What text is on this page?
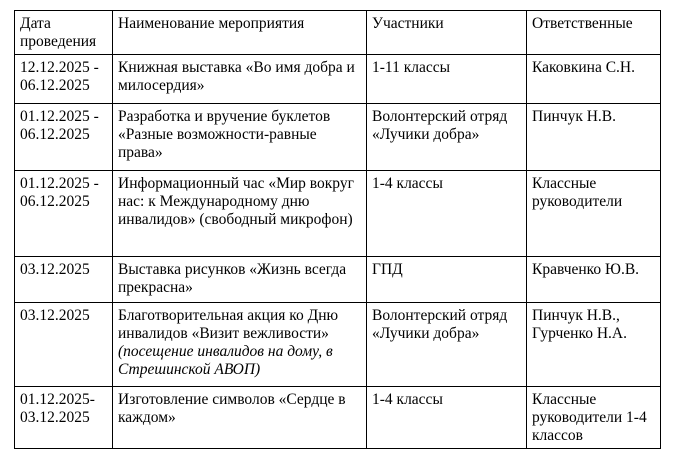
Дата проведения	Наименование мероприятия	Участники	Ответственные
12.12.2025 - 06.12.2025	Книжная выставка «Во имя добра и милосердия»	1-11 классы	Каковкина С.Н.
01.12.2025 - 06.12.2025	Разработка и вручение буклетов «Разные возможности-равные права»	Волонтерский отряд «Лучики добра»	Пинчук Н.В.
01.12.2025 - 06.12.2025	Информационный час «Мир вокруг нас: к Международному дню инвалидов» (свободный микрофон)	1-4 классы	Классные руководители
03.12.2025	Выставка рисунков «Жизнь всегда прекрасна»	ГПД	Кравченко Ю.В.
03.12.2025	Благотворительная акция ко Дню инвалидов «Визит вежливости» (посещение инвалидов на дому, в Стрешинской АВОП)	Волонтерский отряд «Лучики добра»	Пинчук Н.В., Гурченко Н.А.
01.12.2025- 03.12.2025	Изготовление символов «Сердце в каждом»	1-4 классы	Классные руководители 1-4 классов
